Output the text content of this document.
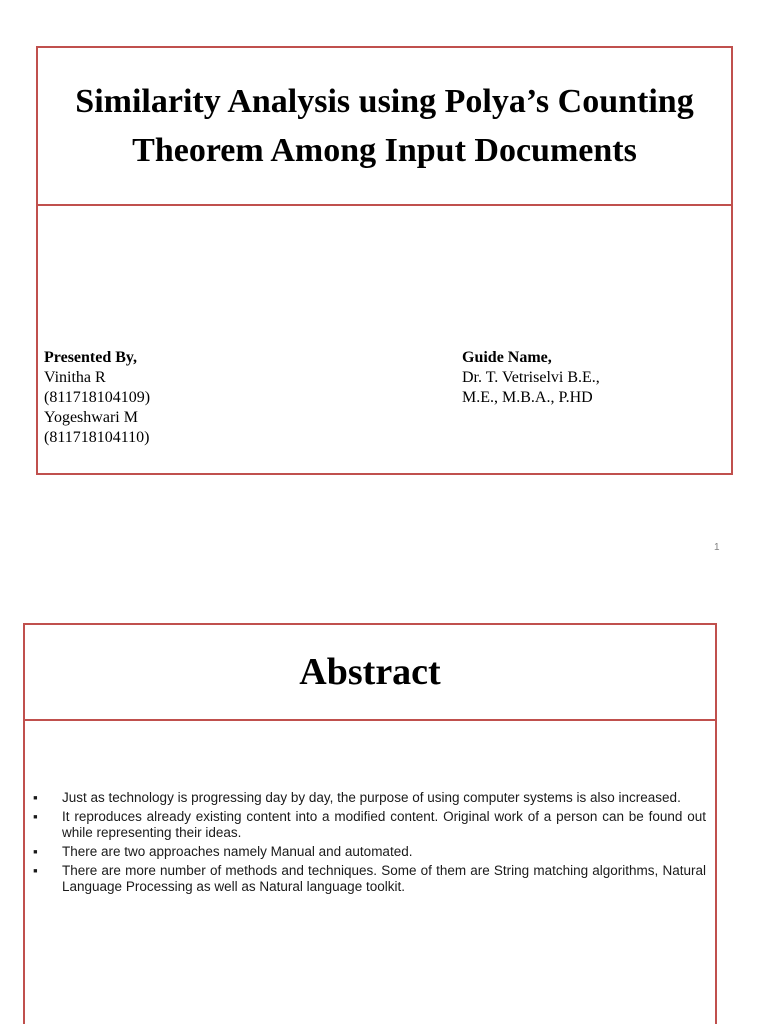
Similarity Analysis using Polya’s Counting Theorem Among Input Documents
Presented By,
Vinitha R
(811718104109)
Yogeshwari M
(811718104110)
Guide Name,
Dr. T. Vetriselvi B.E.,
M.E., M.B.A., P.HD
1
Abstract
▪ Just as technology is progressing day by day, the purpose of using computer systems is also increased.
▪ It reproduces already existing content into a modified content. Original work of a person can be found out while representing their ideas.
▪ There are two approaches namely Manual and automated.
▪ There are more number of methods and techniques. Some of them are String matching algorithms, Natural Language Processing as well as Natural language toolkit.
